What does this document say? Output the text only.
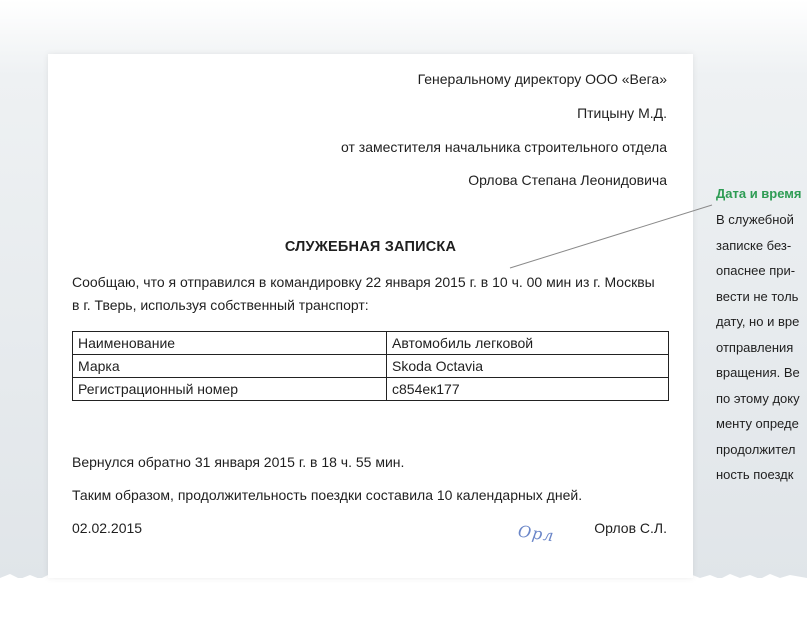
Генеральному директору ООО «Вега»
Птицыну М.Д.
от заместителя начальника строительного отдела
Орлова Степана Леонидовича
СЛУЖЕБНАЯ ЗАПИСКА
Сообщаю, что я отправился в командировку 22 января 2015 г. в 10 ч. 00 мин из г. Москвы
в г. Тверь, используя собственный транспорт:
Наименование	Автомобиль легковой
Марка	Skoda Octavia
Регистрационный номер	с854ек177
Вернулся обратно 31 января 2015 г. в 18 ч. 55 мин.
Таким образом, продолжительность поездки составила 10 календарных дней.
02.02.2015	Орл	Орлов С.Л.
Дата и время
В служебной
записке без-
опаснее при-
вести не толь
дату, но и вре
отправления
вращения. Ве
по этому доку
менту опреде
продолжител
ность поездк
